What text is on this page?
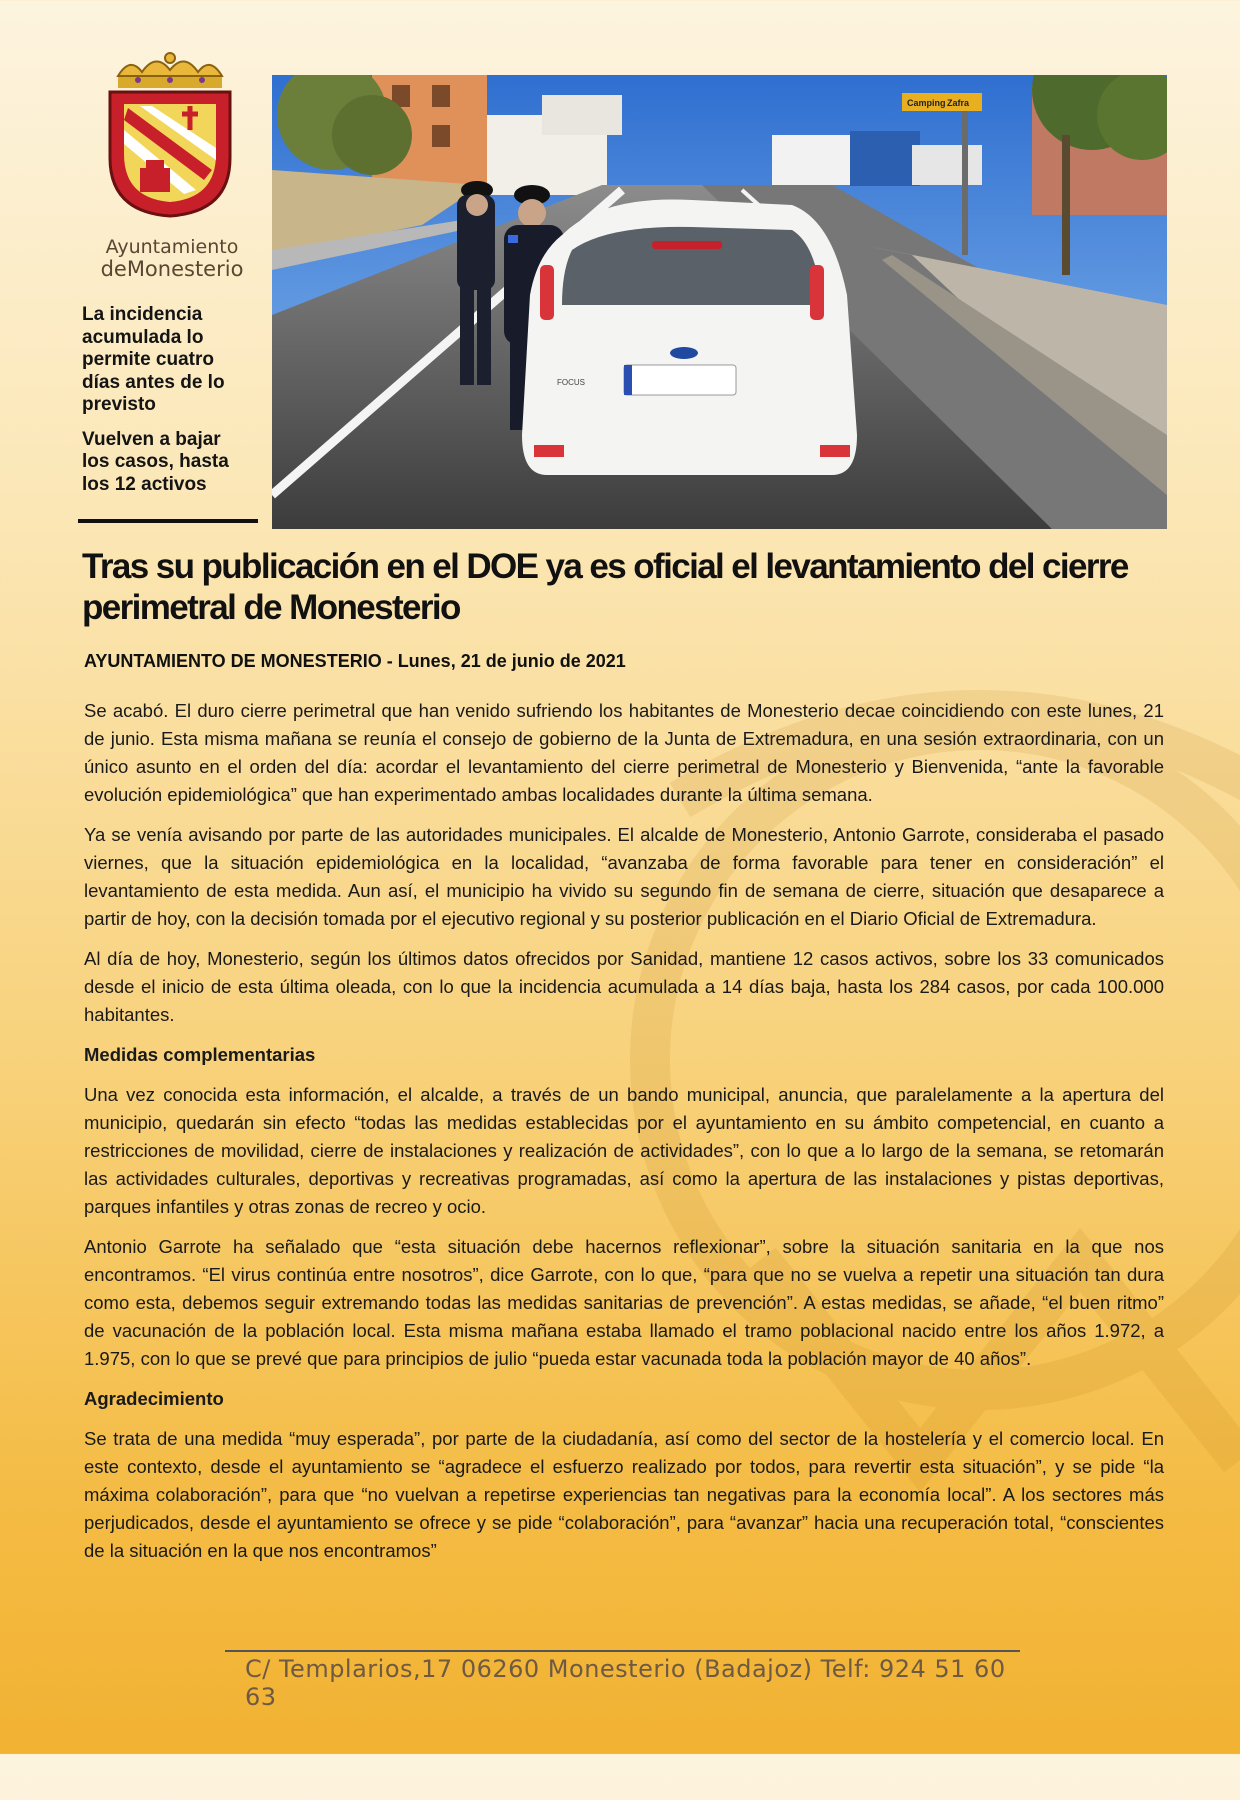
Ayuntamiento
deMonesterio

La incidencia acumulada lo permite cuatro días antes de lo previsto

Vuelven a bajar los casos, hasta los 12 activos

Camping Zafra
FOCUS
Tras su publicación en el DOE ya es oficial el levantamiento del cierre perimetral de Monesterio

AYUNTAMIENTO DE MONESTERIO - Lunes, 21 de junio de 2021

Se acabó. El duro cierre perimetral que han venido sufriendo los habitantes de Monesterio decae coincidiendo con este lunes, 21 de junio. Esta misma mañana se reunía el consejo de gobierno de la Junta de Extremadura, en una sesión extraordinaria, con un único asunto en el orden del día: acordar el levantamiento del cierre perimetral de Monesterio y Bienvenida, “ante la favorable evolución epidemiológica” que han experimentado ambas localidades durante la última semana.

Ya se venía avisando por parte de las autoridades municipales. El alcalde de Monesterio, Antonio Garrote, consideraba el pasado viernes, que la situación epidemiológica en la localidad, “avanzaba de forma favorable para tener en consideración” el levantamiento de esta medida. Aun así, el municipio ha vivido su segundo fin de semana de cierre, situación que desaparece a partir de hoy, con la decisión tomada por el ejecutivo regional y su posterior publicación en el Diario Oficial de Extremadura.

Al día de hoy, Monesterio, según los últimos datos ofrecidos por Sanidad, mantiene 12 casos activos, sobre los 33 comunicados desde el inicio de esta última oleada, con lo que la incidencia acumulada a 14 días baja, hasta los 284 casos, por cada 100.000 habitantes.

Medidas complementarias

Una vez conocida esta información, el alcalde, a través de un bando municipal, anuncia, que paralelamente a la apertura del municipio, quedarán sin efecto “todas las medidas establecidas por el ayuntamiento en su ámbito competencial, en cuanto a restricciones de movilidad, cierre de instalaciones y realización de actividades”, con lo que a lo largo de la semana, se retomarán las actividades culturales, deportivas y recreativas programadas, así como la apertura de las instalaciones y pistas deportivas, parques infantiles y otras zonas de recreo y ocio.

Antonio Garrote ha señalado que “esta situación debe hacernos reflexionar”, sobre la situación sanitaria en la que nos encontramos. “El virus continúa entre nosotros”, dice Garrote, con lo que, “para que no se vuelva a repetir una situación tan dura como esta, debemos seguir extremando todas las medidas sanitarias de prevención”. A estas medidas, se añade, “el buen ritmo” de vacunación de la población local. Esta misma mañana estaba llamado el tramo poblacional nacido entre los años 1.972, a 1.975, con lo que se prevé que para principios de julio “pueda estar vacunada toda la población mayor de 40 años”.

Agradecimiento

Se trata de una medida “muy esperada”, por parte de la ciudadanía, así como del sector de la hostelería y el comercio local. En este contexto, desde el ayuntamiento se “agradece el esfuerzo realizado por todos, para revertir esta situación”, y se pide “la máxima colaboración”, para que “no vuelvan a repetirse experiencias tan negativas para la economía local”. A los sectores más perjudicados, desde el ayuntamiento se ofrece y se pide “colaboración”, para “avanzar” hacia una recuperación total, “conscientes de la situación en la que nos encontramos”

C/ Templarios,17 06260 Monesterio (Badajoz) Telf: 924 51 60 63
